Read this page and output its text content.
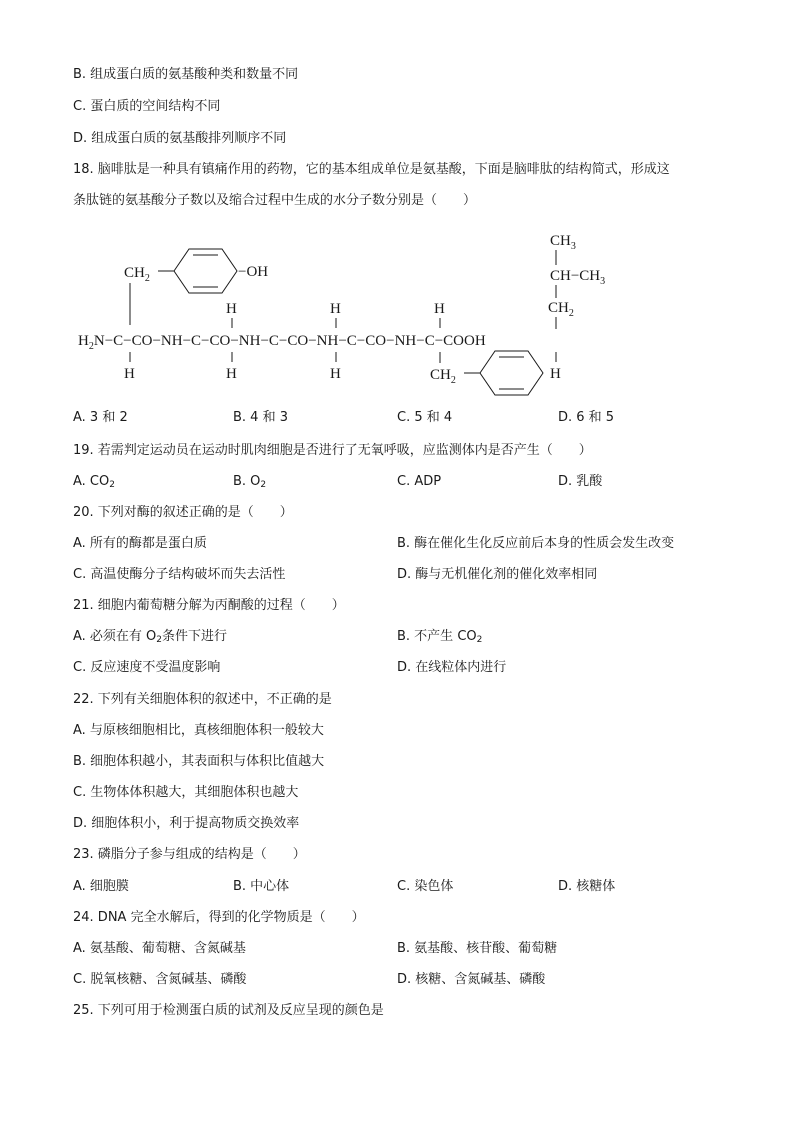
B. 组成蛋白质的氨基酸种类和数量不同
C. 蛋白质的空间结构不同
D. 组成蛋白质的氨基酸排列顺序不同
18. 脑啡肽是一种具有镇痛作用的药物，它的基本组成单位是氨基酸，下面是脑啡肽的结构简式，形成这
条肽链的氨基酸分子数以及缩合过程中生成的水分子数分别是（　　）
$CH_3$
$CH-CH_3$
$CH_2$
$CH_2$	−OH
H	H	H
$H_2N-C-CO-NH-C-CO-NH-C-CO-NH-C-CO-NH-C-COOH$
H	H	H	H
$CH_2$
A. 3 和 2	B. 4 和 3	C. 5 和 4	D. 6 和 5
19. 若需判定运动员在运动时肌肉细胞是否进行了无氧呼吸，应监测体内是否产生（　　）
A. $CO_2$	B. $O_2$	C. ADP	D. 乳酸
20. 下列对酶的叙述正确的是（　　）
A. 所有的酶都是蛋白质	B. 酶在催化生化反应前后本身的性质会发生改变
C. 高温使酶分子结构破坏而失去活性	D. 酶与无机催化剂的催化效率相同
21. 细胞内葡萄糖分解为丙酮酸的过程（　　）
A. 必须在有 $O_2$条件下进行	B. 不产生 $CO_2$
C. 反应速度不受温度影响	D. 在线粒体内进行
22. 下列有关细胞体积的叙述中，不正确的是
A. 与原核细胞相比，真核细胞体积一般较大
B. 细胞体积越小，其表面积与体积比值越大
C. 生物体体积越大，其细胞体积也越大
D. 细胞体积小，利于提高物质交换效率
23. 磷脂分子参与组成的结构是（　　）
A. 细胞膜	B. 中心体	C. 染色体	D. 核糖体
24. DNA 完全水解后，得到的化学物质是（　　）
A. 氨基酸、葡萄糖、含氮碱基	B. 氨基酸、核苷酸、葡萄糖
C. 脱氧核糖、含氮碱基、磷酸	D. 核糖、含氮碱基、磷酸
25. 下列可用于检测蛋白质的试剂及反应呈现的颜色是
